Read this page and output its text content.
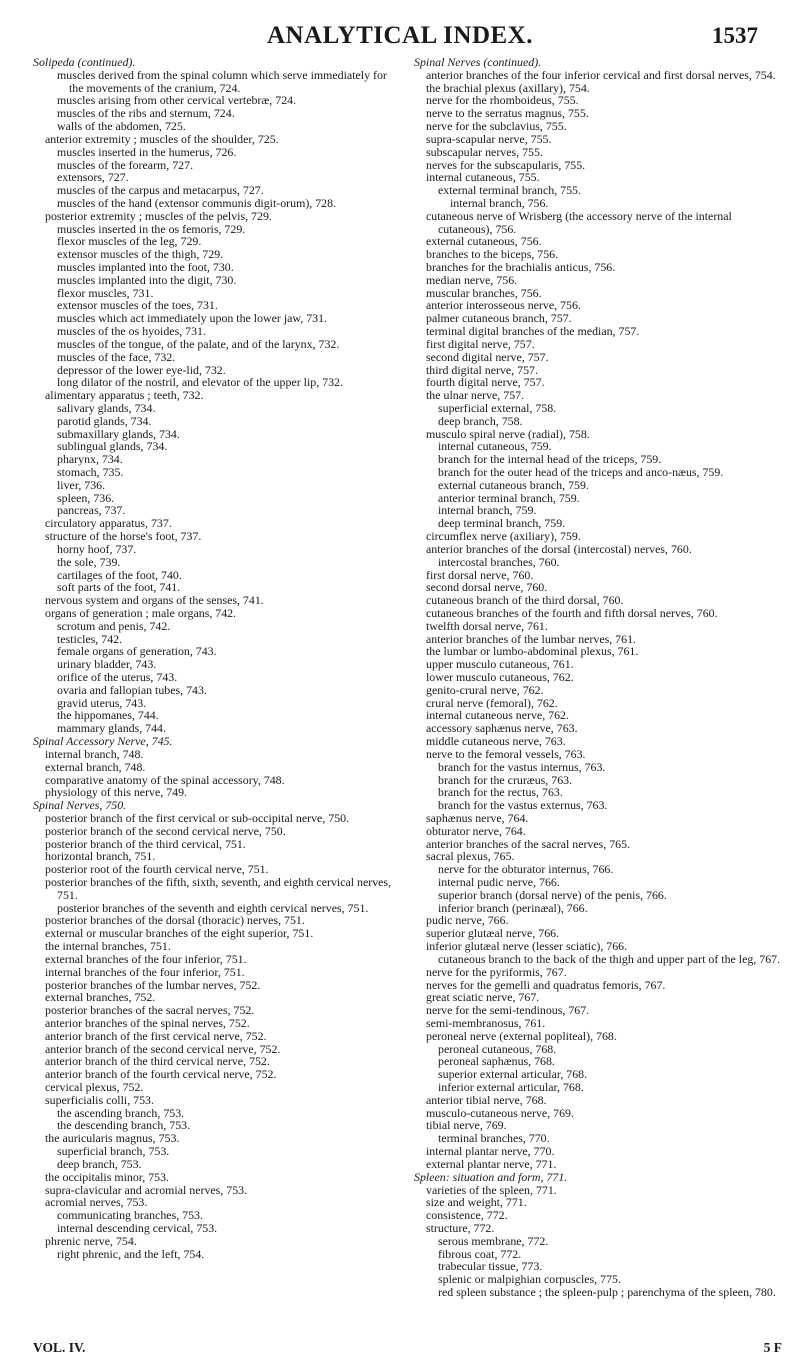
ANALYTICAL INDEX.	1537
Solipeda (continued).
muscles derived from the spinal column which serve immediately for the movements of the cranium, 724.
muscles arising from other cervical vertebræ, 724.
muscles of the ribs and sternum, 724.
walls of the abdomen, 725.
anterior extremity ; muscles of the shoulder, 725.
muscles inserted in the humerus, 726.
muscles of the forearm, 727.
extensors, 727.
muscles of the carpus and metacarpus, 727.
muscles of the hand (extensor communis digit-orum), 728.
posterior extremity ; muscles of the pelvis, 729.
muscles inserted in the os femoris, 729.
flexor muscles of the leg, 729.
extensor muscles of the thigh, 729.
muscles implanted into the foot, 730.
muscles implanted into the digit, 730.
flexor muscles, 731.
extensor muscles of the toes, 731.
muscles which act immediately upon the lower jaw, 731.
muscles of the os hyoides, 731.
muscles of the tongue, of the palate, and of the larynx, 732.
muscles of the face, 732.
depressor of the lower eye-lid, 732.
long dilator of the nostril, and elevator of the upper lip, 732.
alimentary apparatus ; teeth, 732.
salivary glands, 734.
parotid glands, 734.
submaxillary glands, 734.
sublingual glands, 734.
pharynx, 734.
stomach, 735.
liver, 736.
spleen, 736.
pancreas, 737.
circulatory apparatus, 737.
structure of the horse's foot, 737.
horny hoof, 737.
the sole, 739.
cartilages of the foot, 740.
soft parts of the foot, 741.
nervous system and organs of the senses, 741.
organs of generation ; male organs, 742.
scrotum and penis, 742.
testicles, 742.
female organs of generation, 743.
urinary bladder, 743.
orifice of the uterus, 743.
ovaria and fallopian tubes, 743.
gravid uterus, 743.
the hippomanes, 744.
mammary glands, 744.
Spinal Accessory Nerve, 745.
internal branch, 748.
external branch, 748.
comparative anatomy of the spinal accessory, 748.
physiology of this nerve, 749.
Spinal Nerves, 750.
posterior branch of the first cervical or sub-occipital nerve, 750.
posterior branch of the second cervical nerve, 750.
posterior branch of the third cervical, 751.
horizontal branch, 751.
posterior root of the fourth cervical nerve, 751.
posterior branches of the fifth, sixth, seventh, and eighth cervical nerves, 751.
posterior branches of the seventh and eighth cervical nerves, 751.
posterior branches of the dorsal (thoracic) nerves, 751.
external or muscular branches of the eight superior, 751.
the internal branches, 751.
external branches of the four inferior, 751.
internal branches of the four inferior, 751.
posterior branches of the lumbar nerves, 752.
external branches, 752.
posterior branches of the sacral nerves, 752.
anterior branches of the spinal nerves, 752.
anterior branch of the first cervical nerve, 752.
anterior branch of the second cervical nerve, 752.
anterior branch of the third cervical nerve, 752.
anterior branch of the fourth cervical nerve, 752.
cervical plexus, 752.
superficialis colli, 753.
the ascending branch, 753.
the descending branch, 753.
the auricularis magnus, 753.
superficial branch, 753.
deep branch, 753.
the occipitalis minor, 753.
supra-clavicular and acromial nerves, 753.
acromial nerves, 753.
communicating branches, 753.
internal descending cervical, 753.
phrenic nerve, 754.
right phrenic, and the left, 754.
Spinal Nerves (continued).
anterior branches of the four inferior cervical and first dorsal nerves, 754.
the brachial plexus (axillary), 754.
nerve for the rhomboideus, 755.
nerve to the serratus magnus, 755.
nerve for the subclavius, 755.
supra-scapular nerve, 755.
subscapular nerves, 755.
nerves for the subscapularis, 755.
internal cutaneous, 755.
external terminal branch, 755.
internal branch, 756.
cutaneous nerve of Wrisberg (the accessory nerve of the internal cutaneous), 756.
external cutaneous, 756.
branches to the biceps, 756.
branches for the brachialis anticus, 756.
median nerve, 756.
muscular branches, 756.
anterior interosseous nerve, 756.
palmer cutaneous branch, 757.
terminal digital branches of the median, 757.
first digital nerve, 757.
second digital nerve, 757.
third digital nerve, 757.
fourth digital nerve, 757.
the ulnar nerve, 757.
superficial external, 758.
deep branch, 758.
musculo spiral nerve (radial), 758.
internal cutaneous, 759.
branch for the internal head of the triceps, 759.
branch for the outer head of the triceps and anco-næus, 759.
external cutaneous branch, 759.
anterior terminal branch, 759.
internal branch, 759.
deep terminal branch, 759.
circumflex nerve (axiliary), 759.
anterior branches of the dorsal (intercostal) nerves, 760.
intercostal branches, 760.
first dorsal nerve, 760.
second dorsal nerve, 760.
cutaneous branch of the third dorsal, 760.
cutaneous branches of the fourth and fifth dorsal nerves, 760.
twelfth dorsal nerve, 761.
anterior branches of the lumbar nerves, 761.
the lumbar or lumbo-abdominal plexus, 761.
upper musculo cutaneous, 761.
lower musculo cutaneous, 762.
genito-crural nerve, 762.
crural nerve (femoral), 762.
internal cutaneous nerve, 762.
accessory saphænus nerve, 763.
middle cutaneous nerve, 763.
nerve to the femoral vessels, 763.
branch for the vastus internus, 763.
branch for the cruræus, 763.
branch for the rectus, 763.
branch for the vastus externus, 763.
saphænus nerve, 764.
obturator nerve, 764.
anterior branches of the sacral nerves, 765.
sacral plexus, 765.
nerve for the obturator internus, 766.
internal pudic nerve, 766.
superior branch (dorsal nerve) of the penis, 766.
inferior branch (perinæal), 766.
pudic nerve, 766.
superior glutæal nerve, 766.
inferior glutæal nerve (lesser sciatic), 766.
cutaneous branch to the back of the thigh and upper part of the leg, 767.
nerve for the pyriformis, 767.
nerves for the gemelli and quadratus femoris, 767.
great sciatic nerve, 767.
nerve for the semi-tendinous, 767.
semi-membranosus, 761.
peroneal nerve (external popliteal), 768.
peroneal cutaneous, 768.
peroneal saphænus, 768.
superior external articular, 768.
inferior external articular, 768.
anterior tibial nerve, 768.
musculo-cutaneous nerve, 769.
tibial nerve, 769.
terminal branches, 770.
internal plantar nerve, 770.
external plantar nerve, 771.
Spleen: situation and form, 771.
varieties of the spleen, 771.
size and weight, 771.
consistence, 772.
structure, 772.
serous membrane, 772.
fibrous coat, 772.
trabecular tissue, 773.
splenic or malpighian corpuscles, 775.
red spleen substance ; the spleen-pulp ; parenchyma of the spleen, 780.
VOL. IV.	5 F
